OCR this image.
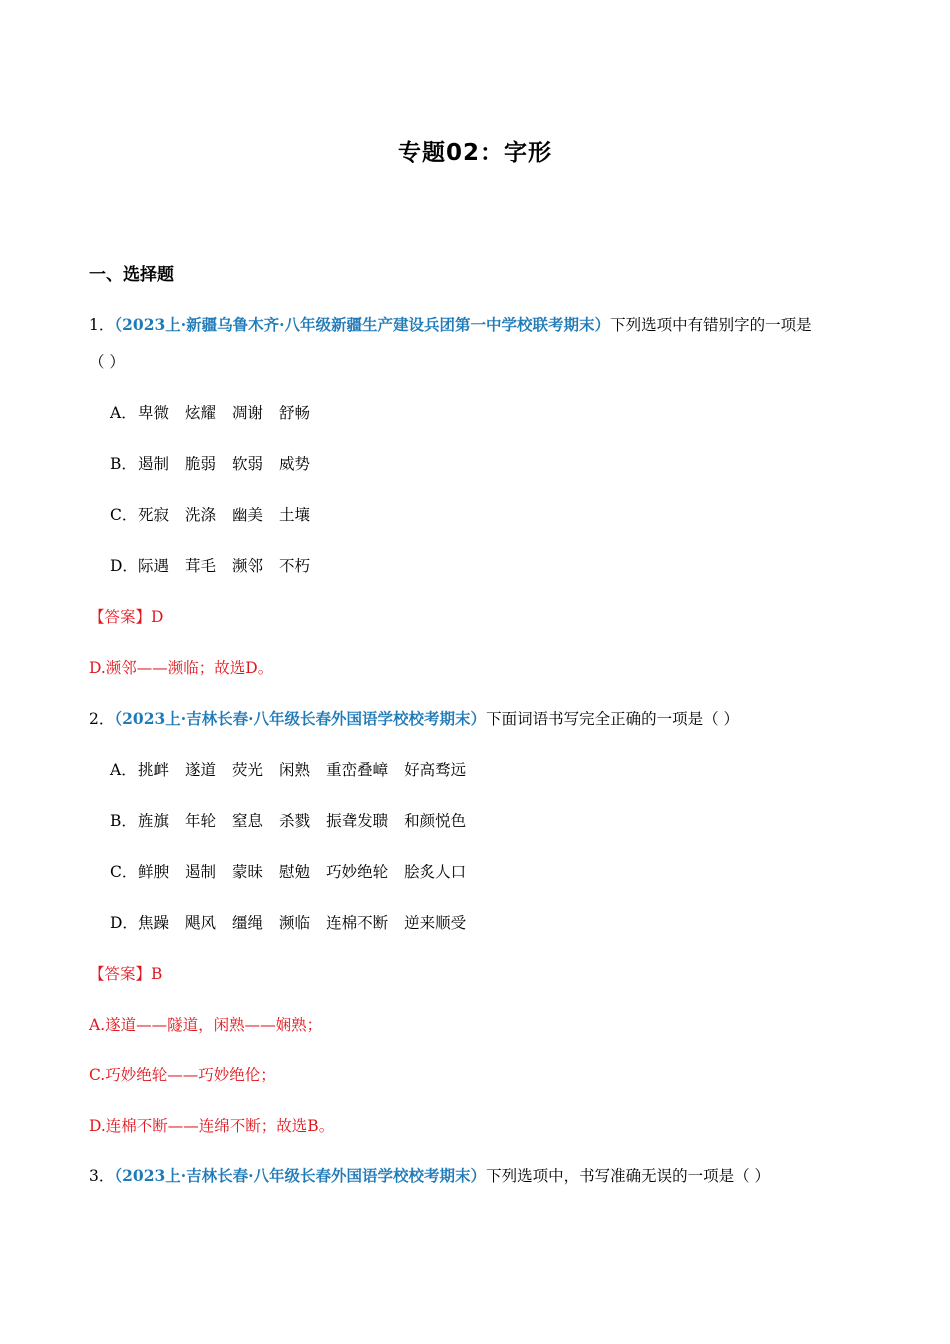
专题02：字形
一、选择题
1．（2023上·新疆乌鲁木齐·八年级新疆生产建设兵团第一中学校联考期末）下列选项中有错别字的一项是
（ ）
A．卑微 炫耀 凋谢 舒畅
B．遏制 脆弱 软弱 威势
C．死寂 洗涤 幽美 土壤
D．际遇 茸毛 濒邻 不朽
【答案】D
D.濒邻——濒临；故选D。
2．（2023上·吉林长春·八年级长春外国语学校校考期末）下面词语书写完全正确的一项是（ ）
A．挑衅 遂道 荧光 闲熟 重峦叠嶂 好高骛远
B．旌旗 年轮 窒息 杀戮 振聋发聩 和颜悦色
C．鲜腴 遏制 蒙昧 慰勉 巧妙绝轮 脍炙人口
D．焦躁 飓风 缰绳 濒临 连棉不断 逆来顺受
【答案】B
A.遂道——隧道，闲熟——娴熟；
C.巧妙绝轮——巧妙绝伦；
D.连棉不断——连绵不断；故选B。
3．（2023上·吉林长春·八年级长春外国语学校校考期末）下列选项中，书写准确无误的一项是（ ）
